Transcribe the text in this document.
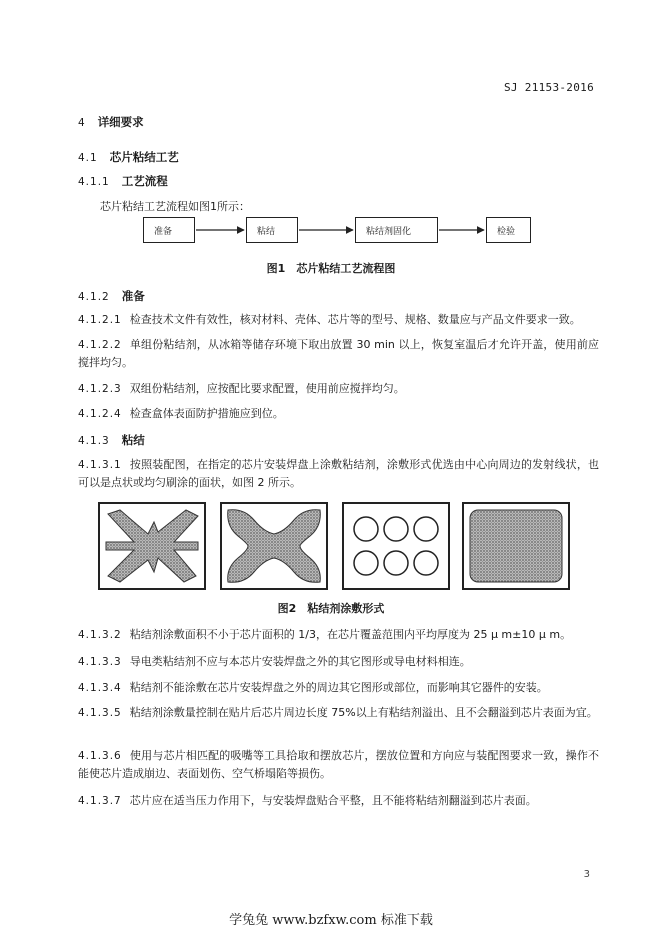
SJ 21153-2016
4 详细要求
4.1 芯片粘结工艺
4.1.1 工艺流程
芯片粘结工艺流程如图1所示：
准备	粘结	粘结剂固化	检验
图1　芯片粘结工艺流程图
4.1.2 准备
4.1.2.1 检查技术文件有效性，核对材料、壳体、芯片等的型号、规格、数量应与产品文件要求一致。
4.1.2.2 单组份粘结剂，从冰箱等储存环境下取出放置 30 min 以上，恢复室温后才允许开盖，使用前应搅拌均匀。
4.1.2.3 双组份粘结剂，应按配比要求配置，使用前应搅拌均匀。
4.1.2.4 检查盒体表面防护措施应到位。
4.1.3 粘结
4.1.3.1 按照装配图，在指定的芯片安装焊盘上涂敷粘结剂，涂敷形式优选由中心向周边的发射线状，也可以是点状或均匀刷涂的面状，如图 2 所示。
图2　粘结剂涂敷形式
4.1.3.2 粘结剂涂敷面积不小于芯片面积的 1/3，在芯片覆盖范围内平均厚度为 25 μ m±10 μ m。
4.1.3.3 导电类粘结剂不应与本芯片安装焊盘之外的其它图形或导电材料相连。
4.1.3.4 粘结剂不能涂敷在芯片安装焊盘之外的周边其它图形或部位，而影响其它器件的安装。
4.1.3.5 粘结剂涂敷量控制在贴片后芯片周边长度 75%以上有粘结剂溢出、且不会翻溢到芯片表面为宜。
4.1.3.6 使用与芯片相匹配的吸嘴等工具拾取和摆放芯片，摆放位置和方向应与装配图要求一致，操作不能使芯片造成崩边、表面划伤、空气桥塌陷等损伤。
4.1.3.7 芯片应在适当压力作用下，与安装焊盘贴合平整，且不能将粘结剂翻溢到芯片表面。
3
学兔兔 www.bzfxw.com 标准下载
